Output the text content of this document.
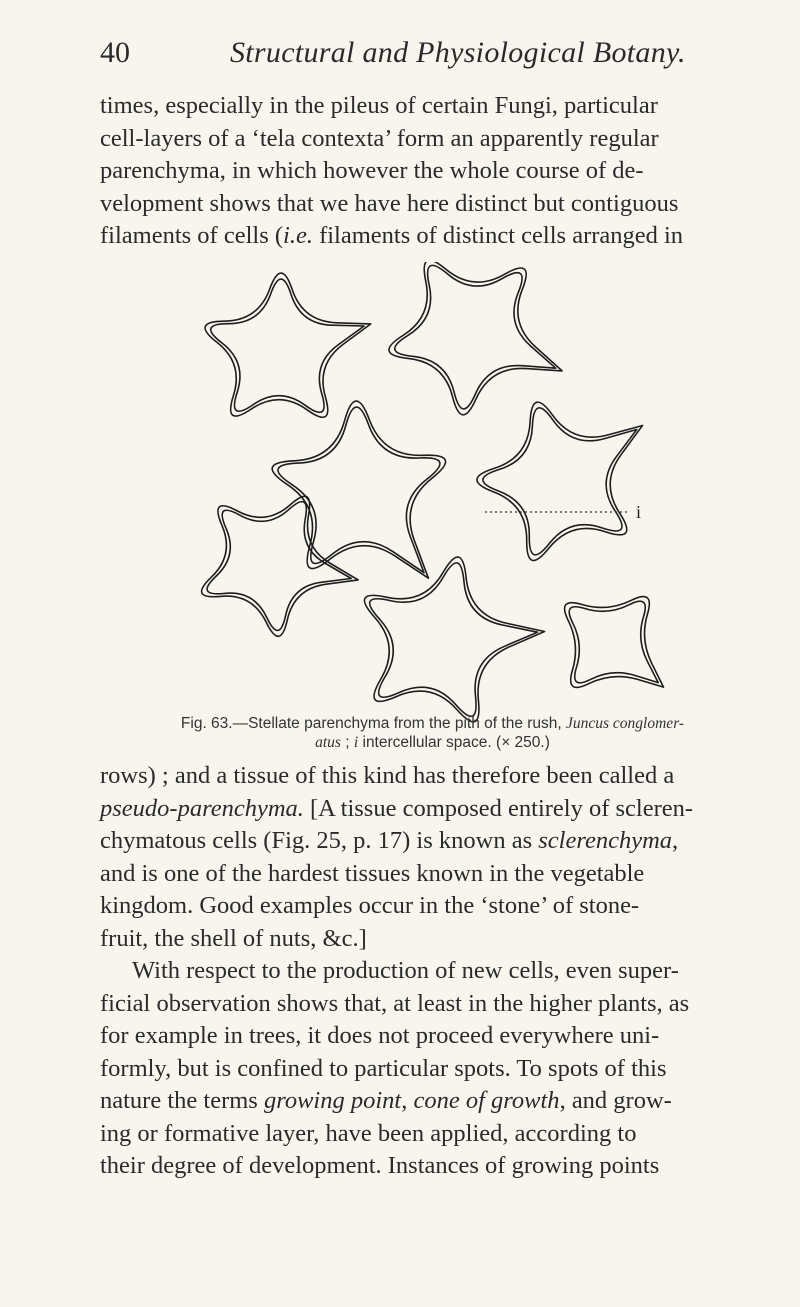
40	Structural and Physiological Botany.
times, especially in the pileus of certain Fungi, particular
cell-layers of a ‘tela contexta’ form an apparently regular
parenchyma, in which however the whole course of de-
velopment shows that we have here distinct but contiguous
filaments of cells (i.e. filaments of distinct cells arranged in
i
Fig. 63.—Stellate parenchyma from the pith of the rush, Juncus conglomer-
atus ; i intercellular space. (× 250.)
rows) ; and a tissue of this kind has therefore been called a
pseudo-parenchyma. [A tissue composed entirely of scleren-
chymatous cells (Fig. 25, p. 17) is known as sclerenchyma,
and is one of the hardest tissues known in the vegetable
kingdom. Good examples occur in the ‘stone’ of stone-
fruit, the shell of nuts, &c.]
With respect to the production of new cells, even super-
ficial observation shows that, at least in the higher plants, as
for example in trees, it does not proceed everywhere uni-
formly, but is confined to particular spots. To spots of this
nature the terms growing point, cone of growth, and grow-
ing or formative layer, have been applied, according to
their degree of development. Instances of growing points
